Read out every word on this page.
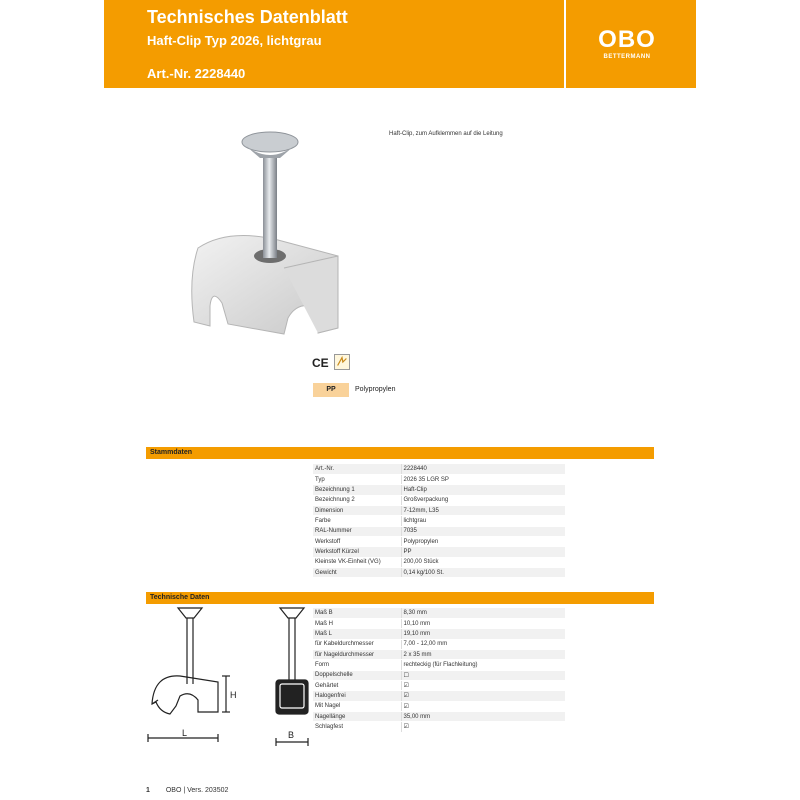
Technisches Datenblatt
Haft-Clip Typ 2026, lichtgrau
Art.-Nr. 2228440
OBO
BETTERMANN
Haft-Clip, zum Aufklemmen auf die Leitung
CE
PP	Polypropylen
Stammdaten
Art.-Nr.	2228440
Typ	2026 35 LGR SP
Bezeichnung 1	Haft-Clip
Bezeichnung 2	Großverpackung
Dimension	7-12mm, L35
Farbe	lichtgrau
RAL-Nummer	7035
Werkstoff	Polypropylen
Werkstoff Kürzel	PP
Kleinste VK-Einheit (VG)	200,00 Stück
Gewicht	0,14 kg/100 St.
Technische Daten
Maß B	8,30 mm
Maß H	10,10 mm
Maß L	19,10 mm
für Kabeldurchmesser	7,00 - 12,00 mm
für Nageldurchmesser	2 x 35 mm
Form	rechteckig (für Flachleitung)
Doppelschelle	☐
Gehärtet	☑
Halogenfrei	☑
Mit Nagel	☑
Nagellänge	35,00 mm
Schlagfest	☑
L
H
B
1 OBO | Vers. 203502
